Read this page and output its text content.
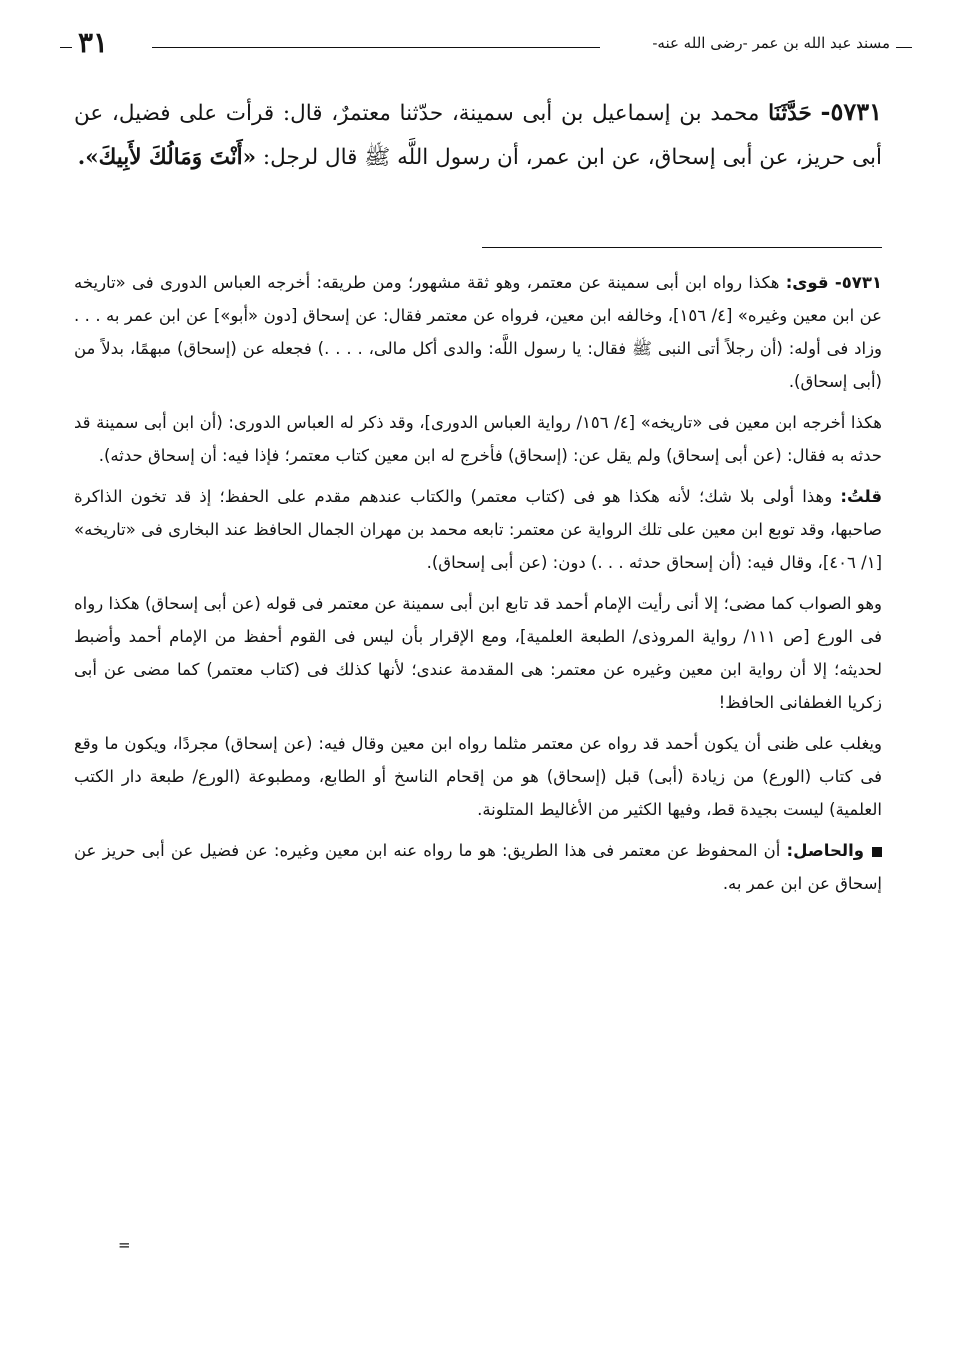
مسند عبد الله بن عمر -رضى الله عنه-
٣١
٥٧٣١- حَدَّثَنَا محمد بن إسماعيل بن أبى سمينة، حدّثنا معتمرٌ، قال: قرأت على فضيل، عن أبى حريز، عن أبى إسحاق، عن ابن عمر، أن رسول اللَّه ﷺ قال لرجل: «أَنْتَ وَمَالُكَ لأَبِيكَ».

٥٧٣١- قوى: هكذا رواه ابن أبى سمينة عن معتمر، وهو ثقة مشهور؛ ومن طريقه: أخرجه العباس الدورى فى «تاريخه عن ابن معين وغيره» [٤/ ١٥٦]، وخالفه ابن معين، فرواه عن معتمر فقال: عن إسحاق [دون «أبو»] عن ابن عمر به . . . وزاد فى أوله: (أن رجلاً أتى النبى ﷺ فقال: يا رسول اللَّه: والدى أكل مالى، . . . .) فجعله عن (إسحاق) مبهمًا، بدلاً من (أبى إسحاق).

هكذا أخرجه ابن معين فى «تاريخه» [٤/ ١٥٦/ رواية العباس الدورى]، وقد ذكر له العباس الدورى: (أن ابن أبى سمينة قد حدثه به فقال: (عن أبى إسحاق) ولم يقل عن: (إسحاق) فأخرج له ابن معين كتاب معتمر؛ فإذا فيه: أن إسحاق حدثه).

قلتُ: وهذا أولى بلا شك؛ لأنه هكذا هو فى (كتاب معتمر) والكتاب عندهم مقدم على الحفظ؛ إذ قد تخون الذاكرة صاحبها، وقد توبع ابن معين على تلك الرواية عن معتمر: تابعه محمد بن مهران الجمال الحافظ عند البخارى فى «تاريخه» [١/ ٤٠٦]، وقال فيه: (أن إسحاق حدثه . . .) دون: (عن أبى إسحاق).

وهو الصواب كما مضى؛ إلا أنى رأيت الإمام أحمد قد تابع ابن أبى سمينة عن معتمر فى قوله (عن أبى إسحاق) هكذا رواه فى الورع [ص ١١١/ رواية المروذى/ الطبعة العلمية]، ومع الإقرار بأن ليس فى القوم أحفظ من الإمام أحمد وأضبط لحديثه؛ إلا أن رواية ابن معين وغيره عن معتمر: هى المقدمة عندى؛ لأنها كذلك فى (كتاب معتمر) كما مضى عن أبى زكريا الغطفانى الحافظ!

ويغلب على ظنى أن يكون أحمد قد رواه عن معتمر مثلما رواه ابن معين وقال فيه: (عن إسحاق) مجردًا، ويكون ما وقع فى كتاب (الورع) من زيادة (أبى) قبل (إسحاق) هو من إقحام الناسخ أو الطابع، ومطبوعة (الورع/ طبعة دار الكتب العلمية) ليست بجيدة قط، وفيها الكثير من الأغاليط المتلونة.

والحاصل: أن المحفوظ عن معتمر فى هذا الطريق: هو ما رواه عنه ابن معين وغيره: عن فضيل عن أبى حريز عن إسحاق عن ابن عمر به.

=
